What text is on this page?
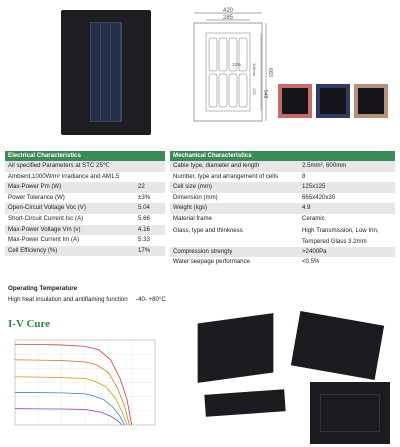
420
285
12%	118mm
125
665
548
Electrical Characteristics
All specified Parameters at STC 25℃
Ambient,1000W/m² irradiance and AM1.5
Max-Power Pm (W)	22
Power Tolerance (W)	±3%
Open-Circuit Voltage Voc (V)	5.04
Short-Circuit Current Isc (A)	5.66
Max-Power Voltage Vm (v)	4.16
Max-Power Current Im (A)	5.33
Cell Efficiency (%)	17%
Mechanical Characteristics
Cable type, diameter and length	2.5mm², 600mm
Number, type and arrangement of cells	8
Cell size (mm)	125x125
Dimension (mm)	665x420x30
Weight (kgs)	4.9
Material frame	Ceramic
Glass, type and thinkness	High Transmission, Low Irin,
Tempered Glass 3.2mm
Compression strengty	>2400Pa
Water seepage performance	<0.5%
Operating Temperature
High heat insulation and antiflaming function -40- +80°C
I-V Cure
